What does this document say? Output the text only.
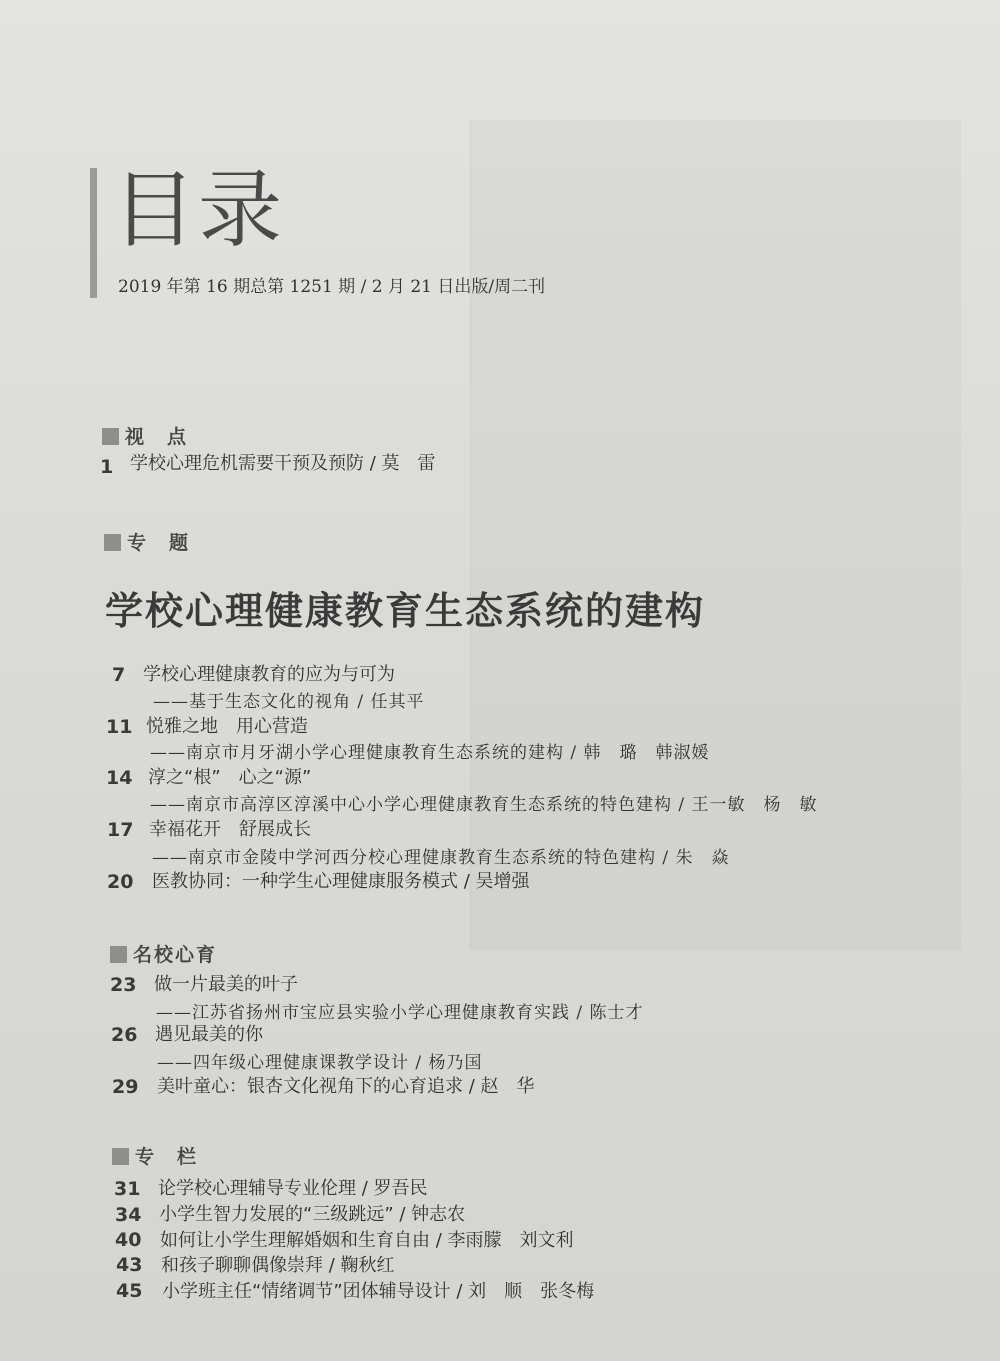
目录
2019 年第 16 期总第 1251 期 / 2 月 21 日出版/周二刊
视　点
1 学校心理危机需要干预及预防 / 莫　雷
专　题
学校心理健康教育生态系统的建构
7 学校心理健康教育的应为与可为
——基于生态文化的视角 / 任其平
11 悦雅之地　用心营造
——南京市月牙湖小学心理健康教育生态系统的建构 / 韩　璐　韩淑媛
14 淳之“根”　心之“源”
——南京市高淳区淳溪中心小学心理健康教育生态系统的特色建构 / 王一敏　杨　敏
17 幸福花开　舒展成长
——南京市金陵中学河西分校心理健康教育生态系统的特色建构 / 朱　焱
20 医教协同：一种学生心理健康服务模式 / 吴增强
名校心育
23 做一片最美的叶子
——江苏省扬州市宝应县实验小学心理健康教育实践 / 陈士才
26 遇见最美的你
——四年级心理健康课教学设计 / 杨乃国
29 美叶童心：银杏文化视角下的心育追求 / 赵　华
专　栏
31 论学校心理辅导专业伦理 / 罗吾民
34 小学生智力发展的“三级跳远” / 钟志农
40 如何让小学生理解婚姻和生育自由 / 李雨朦　刘文利
43 和孩子聊聊偶像崇拜 / 鞠秋红
45 小学班主任“情绪调节”团体辅导设计 / 刘　顺　张冬梅
